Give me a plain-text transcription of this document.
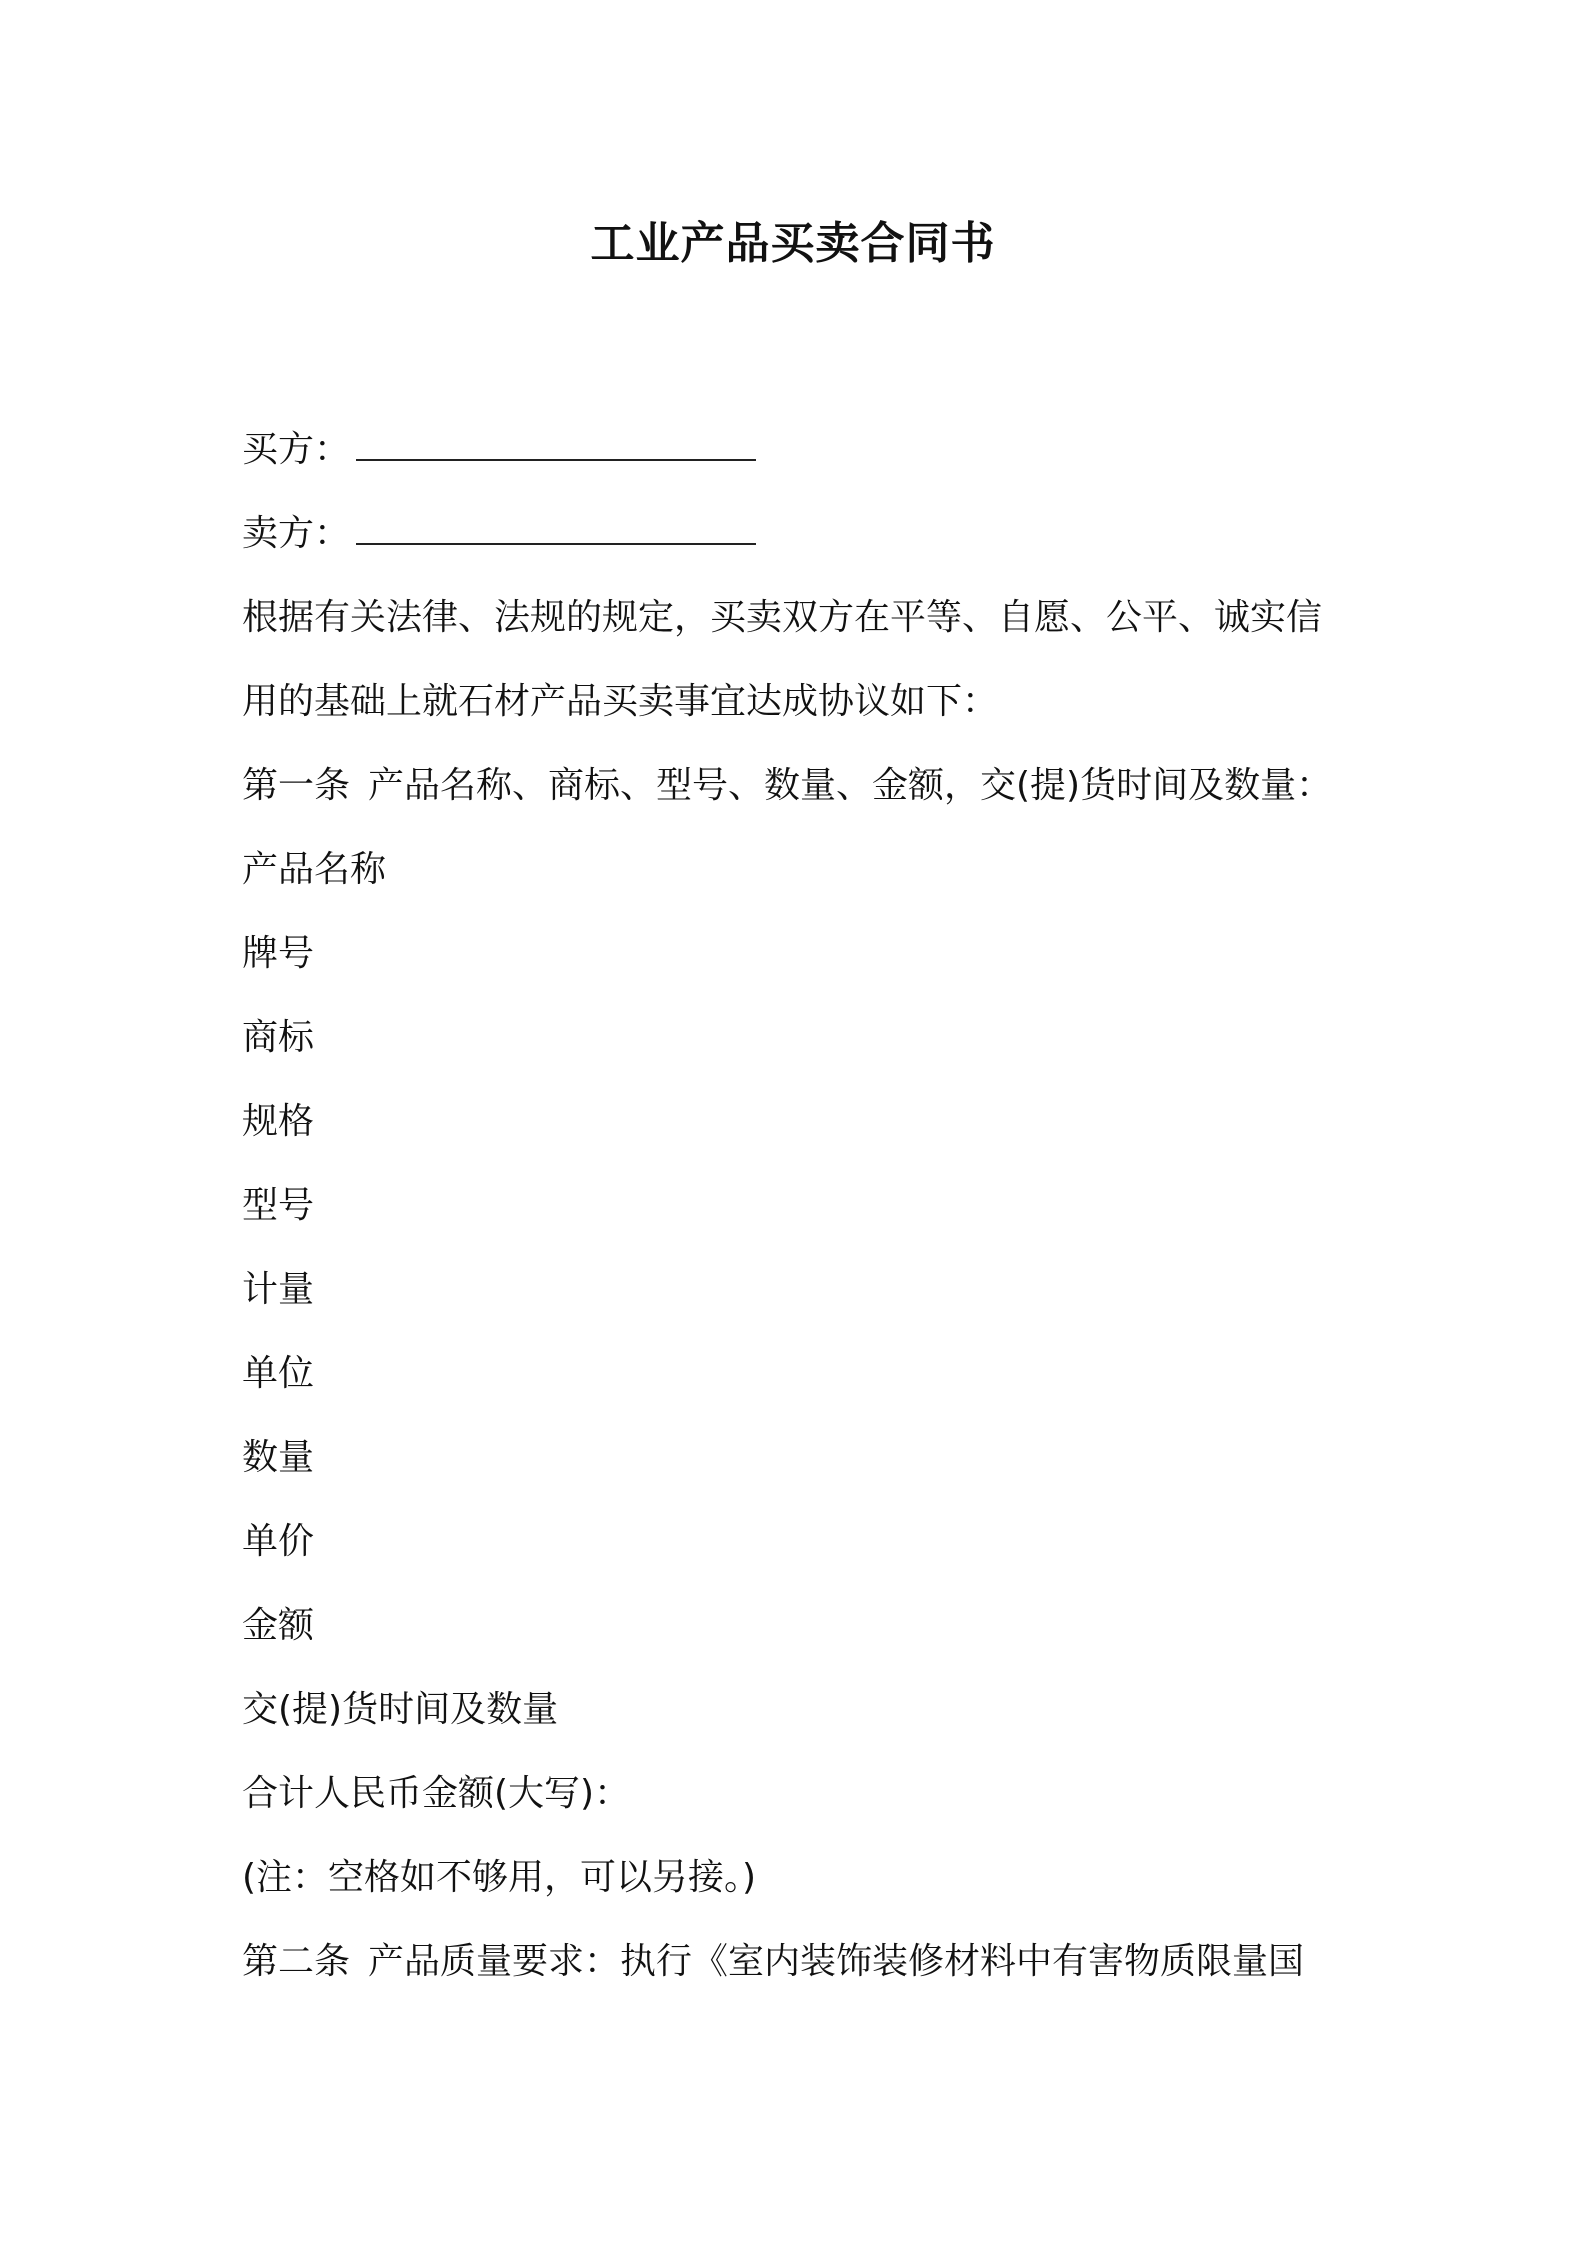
工业产品买卖合同书
买方：
卖方：
根据有关法律、法规的规定，买卖双方在平等、自愿、公平、诚实信
用的基础上就石材产品买卖事宜达成协议如下：
第一条 产品名称、商标、型号、数量、金额，交(提)货时间及数量：
产品名称
牌号
商标
规格
型号
计量
单位
数量
单价
金额
交(提)货时间及数量
合计人民币金额(大写)：
(注：空格如不够用，可以另接。)
第二条 产品质量要求：执行《室内装饰装修材料中有害物质限量国
